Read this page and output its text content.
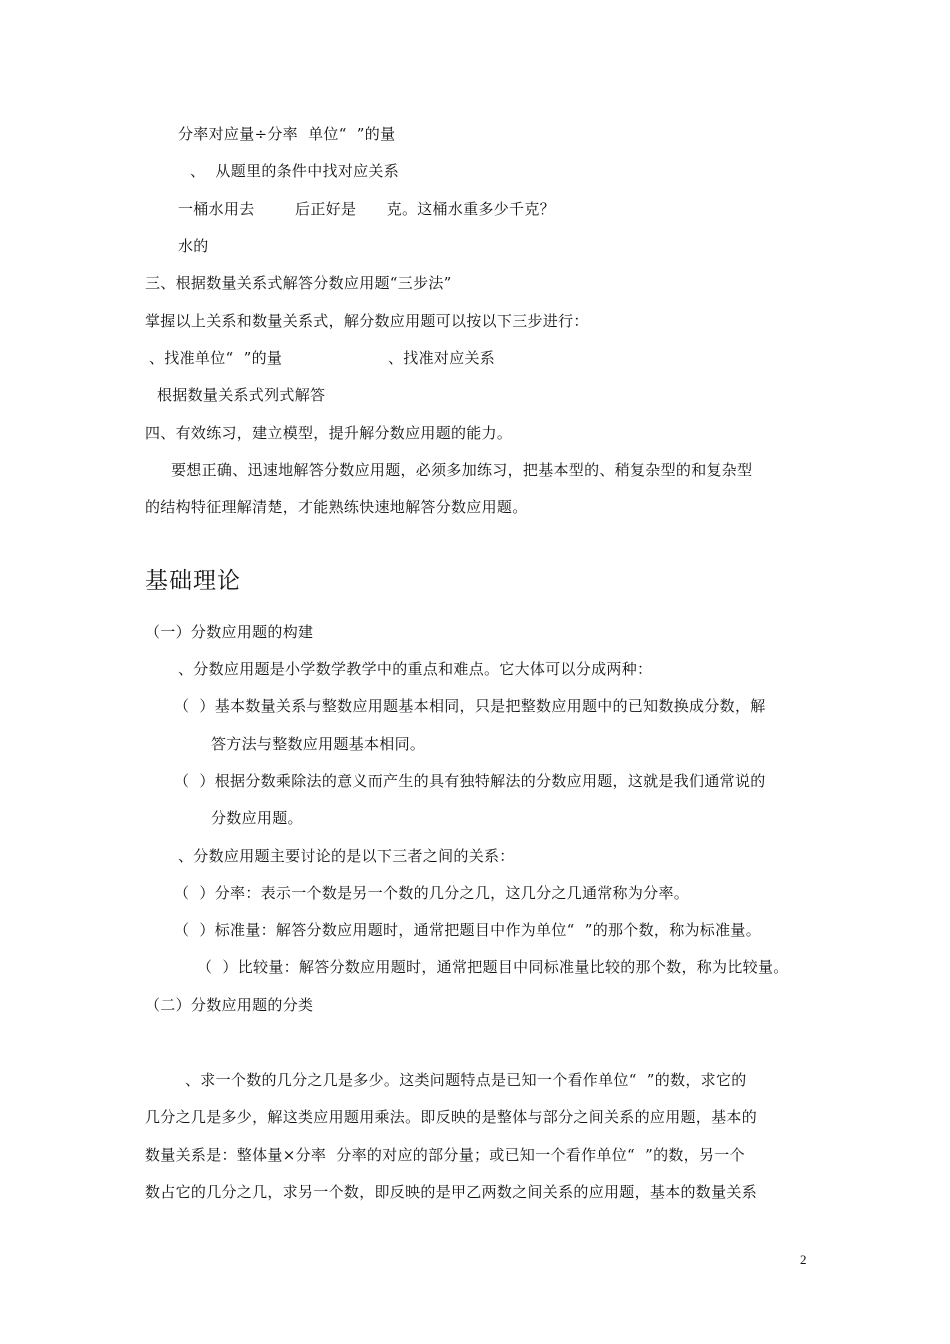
分率对应量÷分率  单位“  ”的量
、  从题里的条件中找对应关系
一桶水用去        后正好是      克。这桶水重多少千克？
水的
三、根据数量关系式解答分数应用题“三步法”
掌握以上关系和数量关系式，解分数应用题可以按以下三步进行：
、找准单位“  ”的量	、找准对应关系
根据数量关系式列式解答
四、有效练习，建立模型，提升解分数应用题的能力。
要想正确、迅速地解答分数应用题，必须多加练习，把基本型的、稍复杂型的和复杂型
的结构特征理解清楚，才能熟练快速地解答分数应用题。
基础理论
（一）分数应用题的构建
、分数应用题是小学数学教学中的重点和难点。它大体可以分成两种：
（  ）基本数量关系与整数应用题基本相同，只是把整数应用题中的已知数换成分数，解
答方法与整数应用题基本相同。
（  ）根据分数乘除法的意义而产生的具有独特解法的分数应用题，这就是我们通常说的
分数应用题。
、分数应用题主要讨论的是以下三者之间的关系：
（  ）分率：表示一个数是另一个数的几分之几，这几分之几通常称为分率。
（  ）标准量：解答分数应用题时，通常把题目中作为单位“  ”的那个数，称为标准量。
（  ）比较量：解答分数应用题时，通常把题目中同标准量比较的那个数，称为比较量。
（二）分数应用题的分类
、求一个数的几分之几是多少。这类问题特点是已知一个看作单位“  ”的数，求它的
几分之几是多少，解这类应用题用乘法。即反映的是整体与部分之间关系的应用题，基本的
数量关系是：整体量×分率  分率的对应的部分量；或已知一个看作单位“  ”的数，另一个
数占它的几分之几，求另一个数，即反映的是甲乙两数之间关系的应用题，基本的数量关系
2
